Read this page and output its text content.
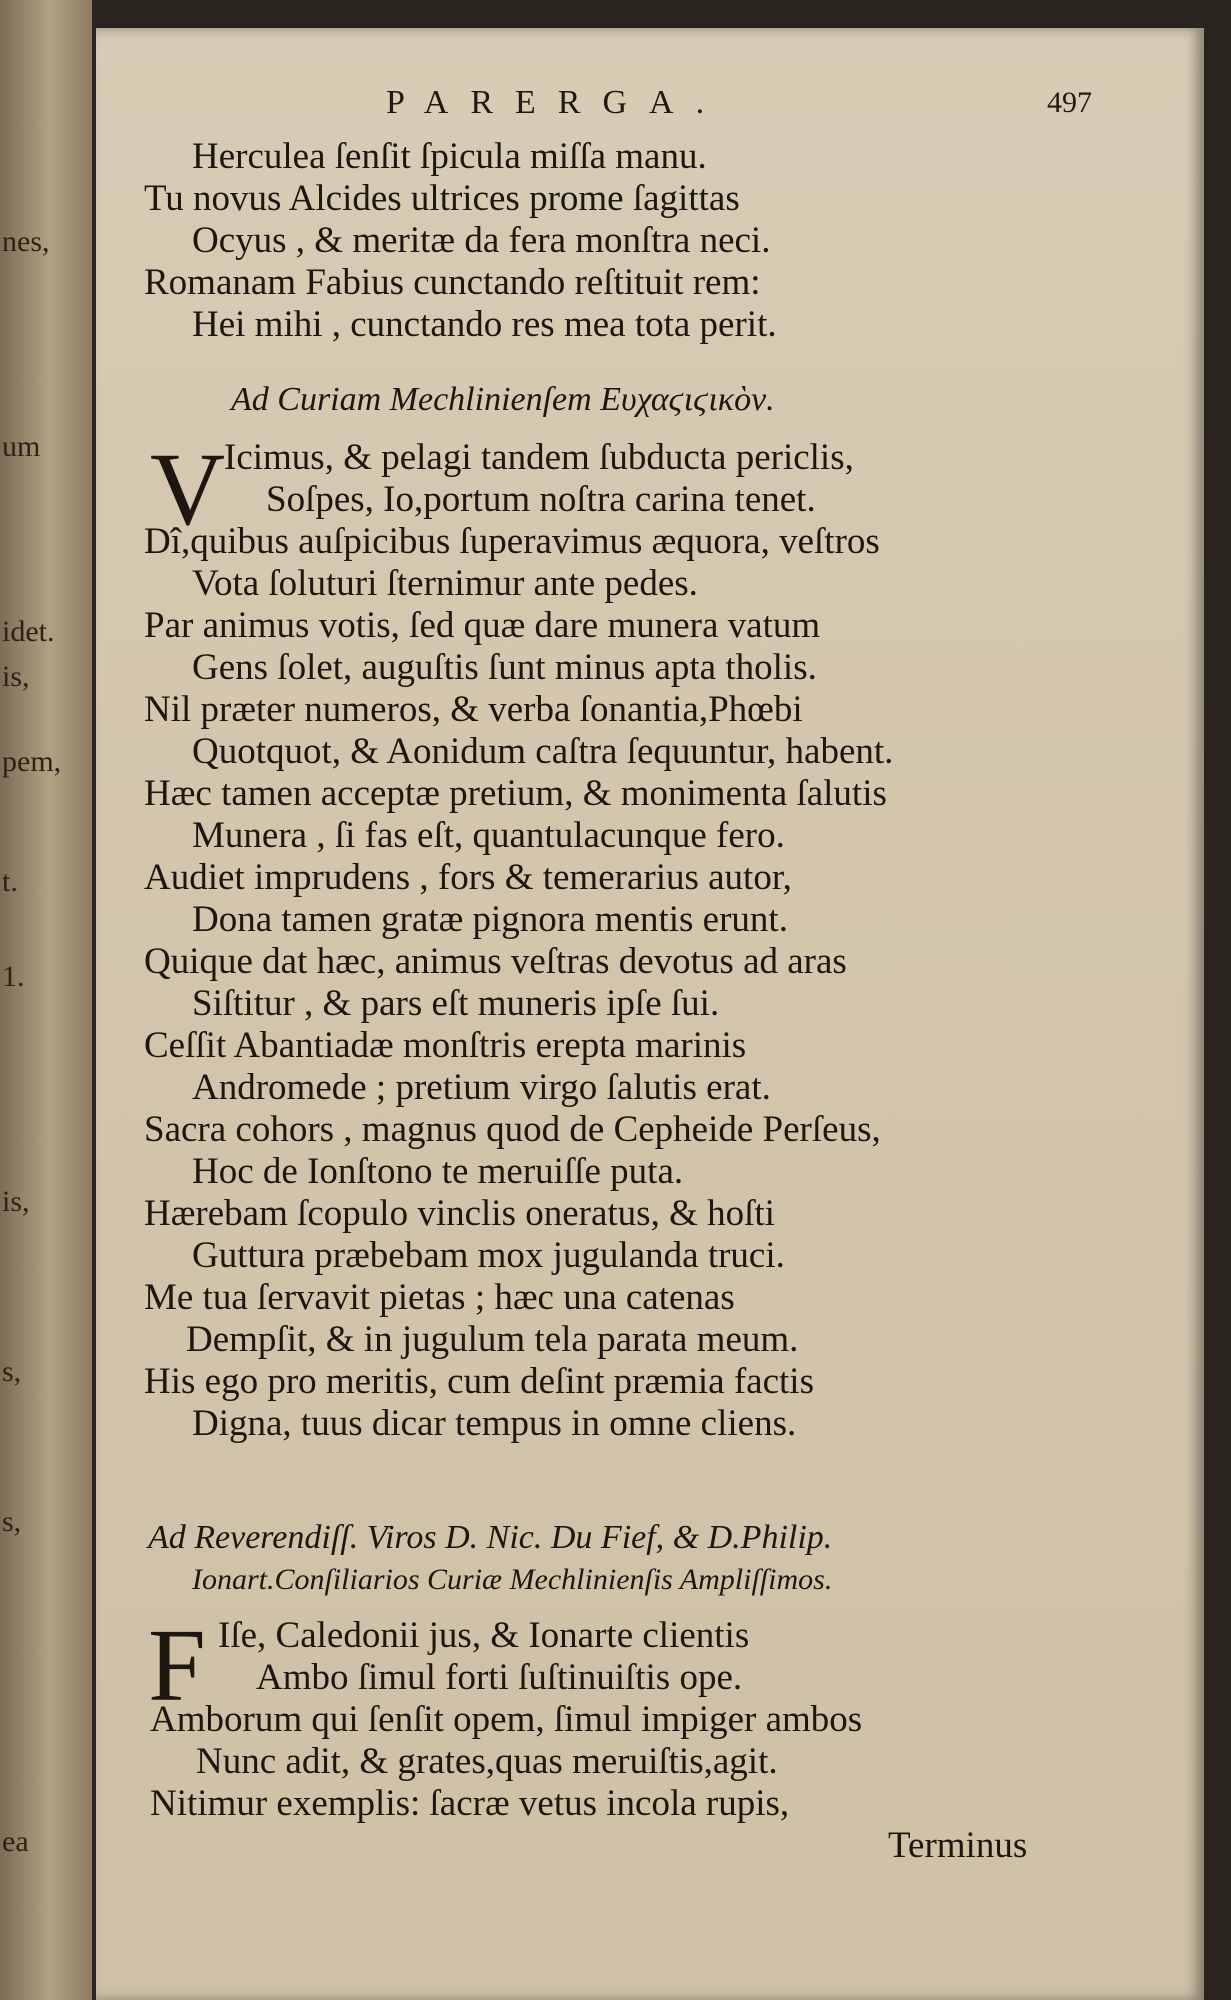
nes,
um
idet.
is,
pem,
t.
1.
is,
s,
s,
ea
PARERGA.	497
Herculea ſenſit ſpicula miſſa manu.
Tu novus Alcides ultrices prome ſagittas
Ocyus , & meritæ da fera monſtra neci.
Romanam Fabius cunctando reſtituit rem:
Hei mihi , cunctando res mea tota perit.
Ad Curiam Mechlinienſem Ευχαϛιϛικὸν.
V
Icimus, & pelagi tandem ſubducta periclis,
Soſpes, Io,portum noſtra carina tenet.
Dî,quibus auſpicibus ſuperavimus æquora, veſtros
Vota ſoluturi ſternimur ante pedes.
Par animus votis, ſed quæ dare munera vatum
Gens ſolet, auguſtis ſunt minus apta tholis.
Nil præter numeros, & verba ſonantia,Phœbi
Quotquot, & Aonidum caſtra ſequuntur, habent.
Hæc tamen acceptæ pretium, & monimenta ſalutis
Munera , ſi fas eſt, quantulacunque fero.
Audiet imprudens , fors & temerarius autor,
Dona tamen gratæ pignora mentis erunt.
Quique dat hæc, animus veſtras devotus ad aras
Siſtitur , & pars eſt muneris ipſe ſui.
Ceſſit Abantiadæ monſtris erepta marinis
Andromede ; pretium virgo ſalutis erat.
Sacra cohors , magnus quod de Cepheide Perſeus,
Hoc de Ionſtono te meruiſſe puta.
Hærebam ſcopulo vinclis oneratus, & hoſti
Guttura præbebam mox jugulanda truci.
Me tua ſervavit pietas ; hæc una catenas
Dempſit, & in jugulum tela parata meum.
His ego pro meritis, cum deſint præmia factis
Digna, tuus dicar tempus in omne cliens.
Ad Reverendiſſ. Viros D. Nic. Du Fief, & D.Philip.
Ionart.Conſiliarios Curiæ Mechlinienſis Ampliſſimos.
F Iſe, Caledonii jus, & Ionarte clientis
Ambo ſimul forti ſuſtinuiſtis ope.
Amborum qui ſenſit opem, ſimul impiger ambos
Nunc adit, & grates,quas meruiſtis,agit.
Nitimur exemplis: ſacræ vetus incola rupis,
Terminus
